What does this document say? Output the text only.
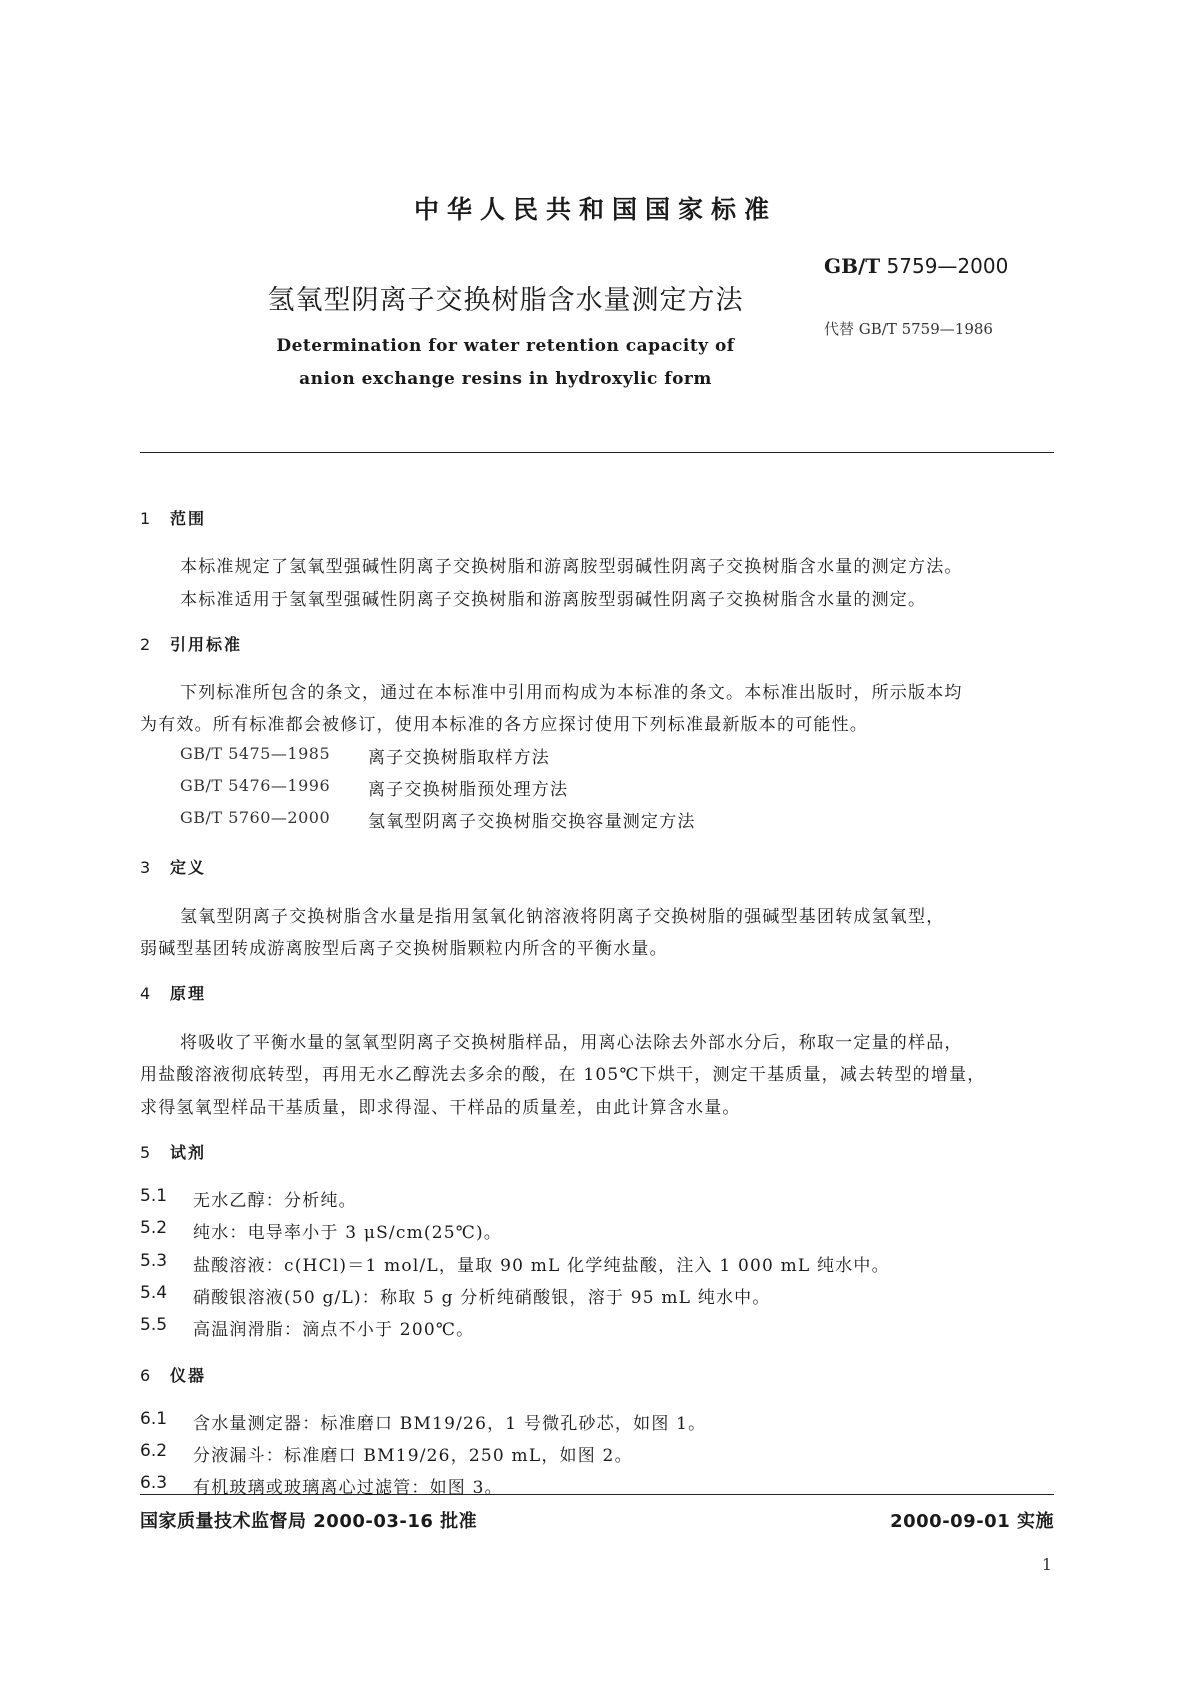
中华人民共和国国家标准
GB/T 5759—2000
代替 GB/T 5759—1986
氢氧型阴离子交换树脂含水量测定方法
Determination for water retention capacity of
anion exchange resins in hydroxylic form
1 范围
本标准规定了氢氧型强碱性阴离子交换树脂和游离胺型弱碱性阴离子交换树脂含水量的测定方法。
本标准适用于氢氧型强碱性阴离子交换树脂和游离胺型弱碱性阴离子交换树脂含水量的测定。
2 引用标准
下列标准所包含的条文，通过在本标准中引用而构成为本标准的条文。本标准出版时，所示版本均
为有效。所有标准都会被修订，使用本标准的各方应探讨使用下列标准最新版本的可能性。
GB/T 5475—1985 离子交换树脂取样方法
GB/T 5476—1996 离子交换树脂预处理方法
GB/T 5760—2000 氢氧型阴离子交换树脂交换容量测定方法
3 定义
氢氧型阴离子交换树脂含水量是指用氢氧化钠溶液将阴离子交换树脂的强碱型基团转成氢氧型，
弱碱型基团转成游离胺型后离子交换树脂颗粒内所含的平衡水量。
4 原理
将吸收了平衡水量的氢氧型阴离子交换树脂样品，用离心法除去外部水分后，称取一定量的样品，
用盐酸溶液彻底转型，再用无水乙醇洗去多余的酸，在 105℃下烘干，测定干基质量，减去转型的增量，
求得氢氧型样品干基质量，即求得湿、干样品的质量差，由此计算含水量。
5 试剂
5.1 无水乙醇：分析纯。
5.2 纯水：电导率小于 3 μS/cm(25℃)。
5.3 盐酸溶液：c(HCl)＝1 mol/L，量取 90 mL 化学纯盐酸，注入 1 000 mL 纯水中。
5.4 硝酸银溶液(50 g/L)：称取 5 g 分析纯硝酸银，溶于 95 mL 纯水中。
5.5 高温润滑脂：滴点不小于 200℃。
6 仪器
6.1 含水量测定器：标准磨口 BM19/26，1 号微孔砂芯，如图 1。
6.2 分液漏斗：标准磨口 BM19/26，250 mL，如图 2。
6.3 有机玻璃或玻璃离心过滤管：如图 3。
国家质量技术监督局 2000-03-16 批准	2000-09-01 实施
1
